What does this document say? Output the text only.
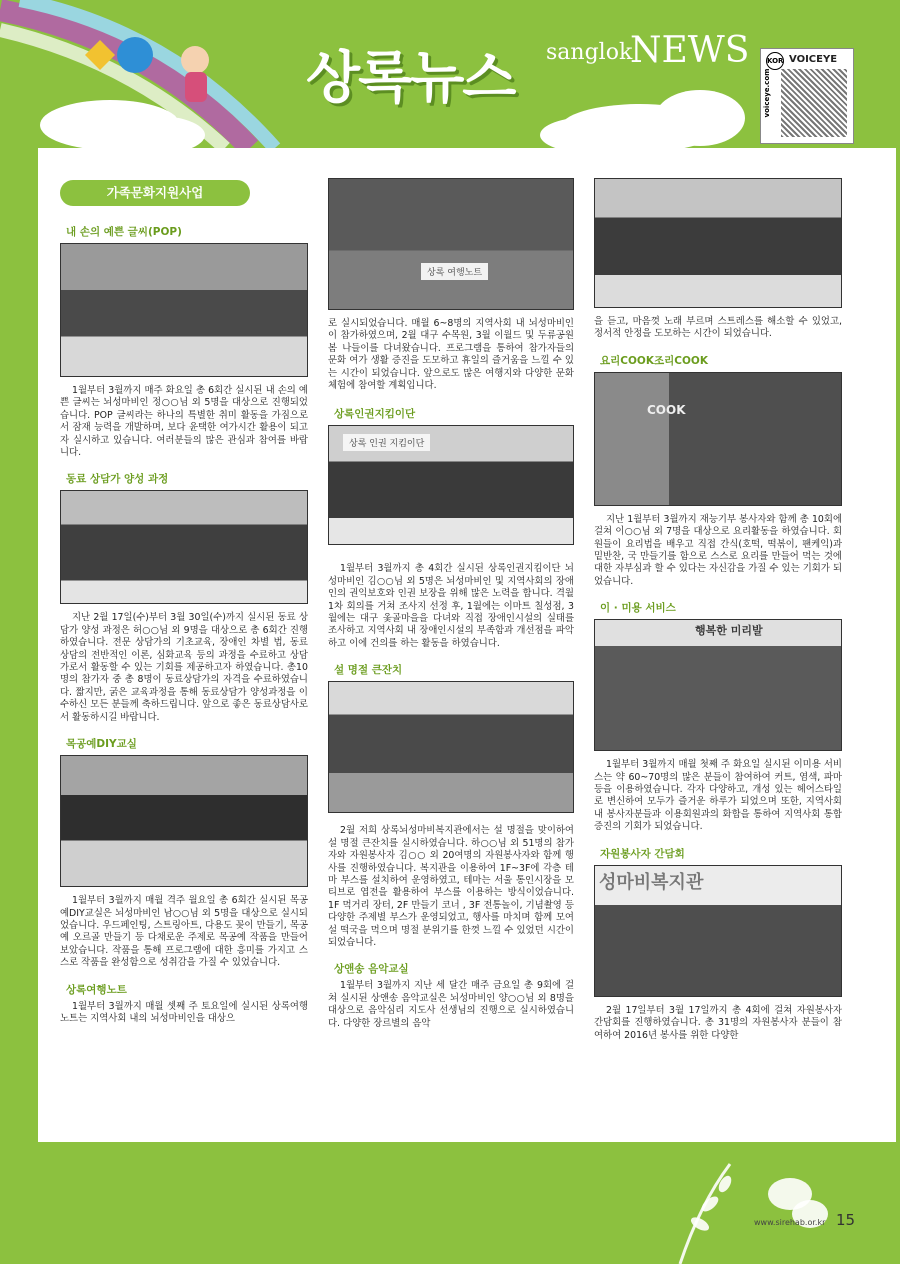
상록뉴스 sanglok
NEWS
voiceye.com
KOR VOICEYE
가족문화지원사업
내 손의 예쁜 글씨(POP)

1월부터 3월까지 매주 화요일 총 6회간 실시된 내 손의 예쁜 글씨는 뇌성마비인 정○○님 외 5명을 대상으로 진행되었습니다. POP 글씨라는 하나의 특별한 취미 활동을 가짐으로서 잠재 능력을 개발하며, 보다 윤택한 여가시간 활용이 되고자 실시하고 있습니다. 여러분들의 많은 관심과 참여를 바랍니다.

동료 상담가 양성 과정

지난 2월 17일(수)부터 3월 30일(수)까지 실시된 동료 상담가 양성 과정은 허○○님 외 9명을 대상으로 총 6회간 진행하였습니다. 전문 상담가의 기초교육, 장애인 차별 법, 동료 상담의 전반적인 이론, 심화교육 등의 과정을 수료하고 상담가로서 활동할 수 있는 기회를 제공하고자 하였습니다. 총10명의 참가자 중 총 8명이 동료상담가의 자격을 수료하였습니다. 짧지만, 굵은 교육과정을 통해 동료상담가 양성과정을 이수하신 모든 분들께 축하드립니다. 앞으로 좋은 동료상담사로서 활동하시길 바랍니다.

목공예DIY교실

1월부터 3월까지 매월 격주 월요일 총 6회간 실시된 목공예DIY교실은 뇌성마비인 남○○님 외 5명을 대상으로 실시되었습니다. 우드페인팅, 스트링아트, 다용도 꽂이 만들기, 목공예 오르골 만들기 등 다채로운 주제로 목공예 작품을 만들어 보았습니다. 작품을 통해 프로그램에 대한 흥미를 가지고 스스로 작품을 완성함으로 성취감을 가질 수 있었습니다.

상록여행노트

1월부터 3월까지 매월 셋째 주 토요일에 실시된 상록여행노트는 지역사회 내의 뇌성마비인을 대상으

상록 여행노트

로 실시되었습니다. 매월 6~8명의 지역사회 내 뇌성마비인이 참가하였으며, 2월 대구 수목원, 3월 이월드 및 두류공원 봄 나들이를 다녀왔습니다. 프로그램을 통하여 참가자들의 문화 여가 생활 증진을 도모하고 휴일의 즐거움을 느낄 수 있는 시간이 되었습니다. 앞으로도 많은 여행지와 다양한 문화체험에 참여할 계획입니다.

상록인권지킴이단
상록 인권 지킴이단

1월부터 3월까지 총 4회간 실시된 상록인권지킴이단 뇌성마비인 김○○님 외 5명은 뇌성마비인 및 지역사회의 장애인의 권익보호와 인권 보장을 위해 많은 노력을 합니다. 격월 1차 회의를 거쳐 조사지 선정 후, 1월에는 이마트 칠성점, 3월에는 대구 옻골마을을 다녀와 직접 장애인시설의 실태를 조사하고 지역사회 내 장애인시설의 부족함과 개선점을 파악하고 이에 건의를 하는 활동을 하였습니다.

설 명절 큰잔치

2월 저희 상록뇌성마비복지관에서는 설 명절을 맞이하여 설 명절 큰잔치를 실시하였습니다. 하○○님 외 51명의 참가자와 자원봉사자 김○○ 외 20여명의 자원봉사자와 함께 행사를 진행하였습니다. 복지관을 이용하여 1F~3F에 각층 테마 부스를 설치하여 운영하였고, 테마는 서울 통인시장을 모티브로 엽전을 활용하여 부스를 이용하는 방식이었습니다. 1F 먹거리 장터, 2F 만들기 코너 , 3F 전통놀이, 기념촬영 등 다양한 주제별 부스가 운영되었고, 행사를 마치며 함께 모여 설 떡국을 먹으며 명절 분위기를 한껏 느낄 수 있었던 시간이 되었습니다.

상앤송 음악교실

1월부터 3월까지 지난 세 달간 매주 금요일 총 9회에 걸쳐 실시된 상앤송 음악교실은 뇌성마비인 양○○님 외 8명을 대상으로 음악심리 지도사 선생님의 진행으로 실시하였습니다. 다양한 장르별의 음악

을 듣고, 마음껏 노래 부르며 스트레스를 해소할 수 있었고, 정서적 안정을 도모하는 시간이 되었습니다.

요리COOK조리COOK
COOK

지난 1월부터 3월까지 재능기부 봉사자와 함께 총 10회에 걸쳐 이○○님 외 7명을 대상으로 요리활동을 하였습니다. 회원들이 요리법을 배우고 직접 간식(호떡, 떡볶이, 팬케익)과 밑반찬, 국 만들기를 함으로 스스로 요리를 만들어 먹는 것에 대한 자부심과 할 수 있다는 자신감을 가질 수 있는 기회가 되었습니다.

이 · 미용 서비스
행복한 미리발

1월부터 3월까지 매월 첫째 주 화요일 실시된 이미용 서비스는 약 60~70명의 많은 분들이 참여하여 커트, 염색, 파마 등을 이용하였습니다. 각자 다양하고, 개성 있는 헤어스타일로 변신하여 모두가 즐거운 하루가 되었으며 또한, 지역사회 내 봉사자분들과 이용회원과의 화합을 통하여 지역사회 통합증진의 기회가 되었습니다.

자원봉사자 간담회
성마비복지관

2월 17일부터 3월 17일까지 총 4회에 걸쳐 자원봉사자 간담회를 진행하였습니다. 총 31명의 자원봉사자 분들이 참여하여 2016년 봉사를 위한 다양한

www.sirehab.or.kr 15
